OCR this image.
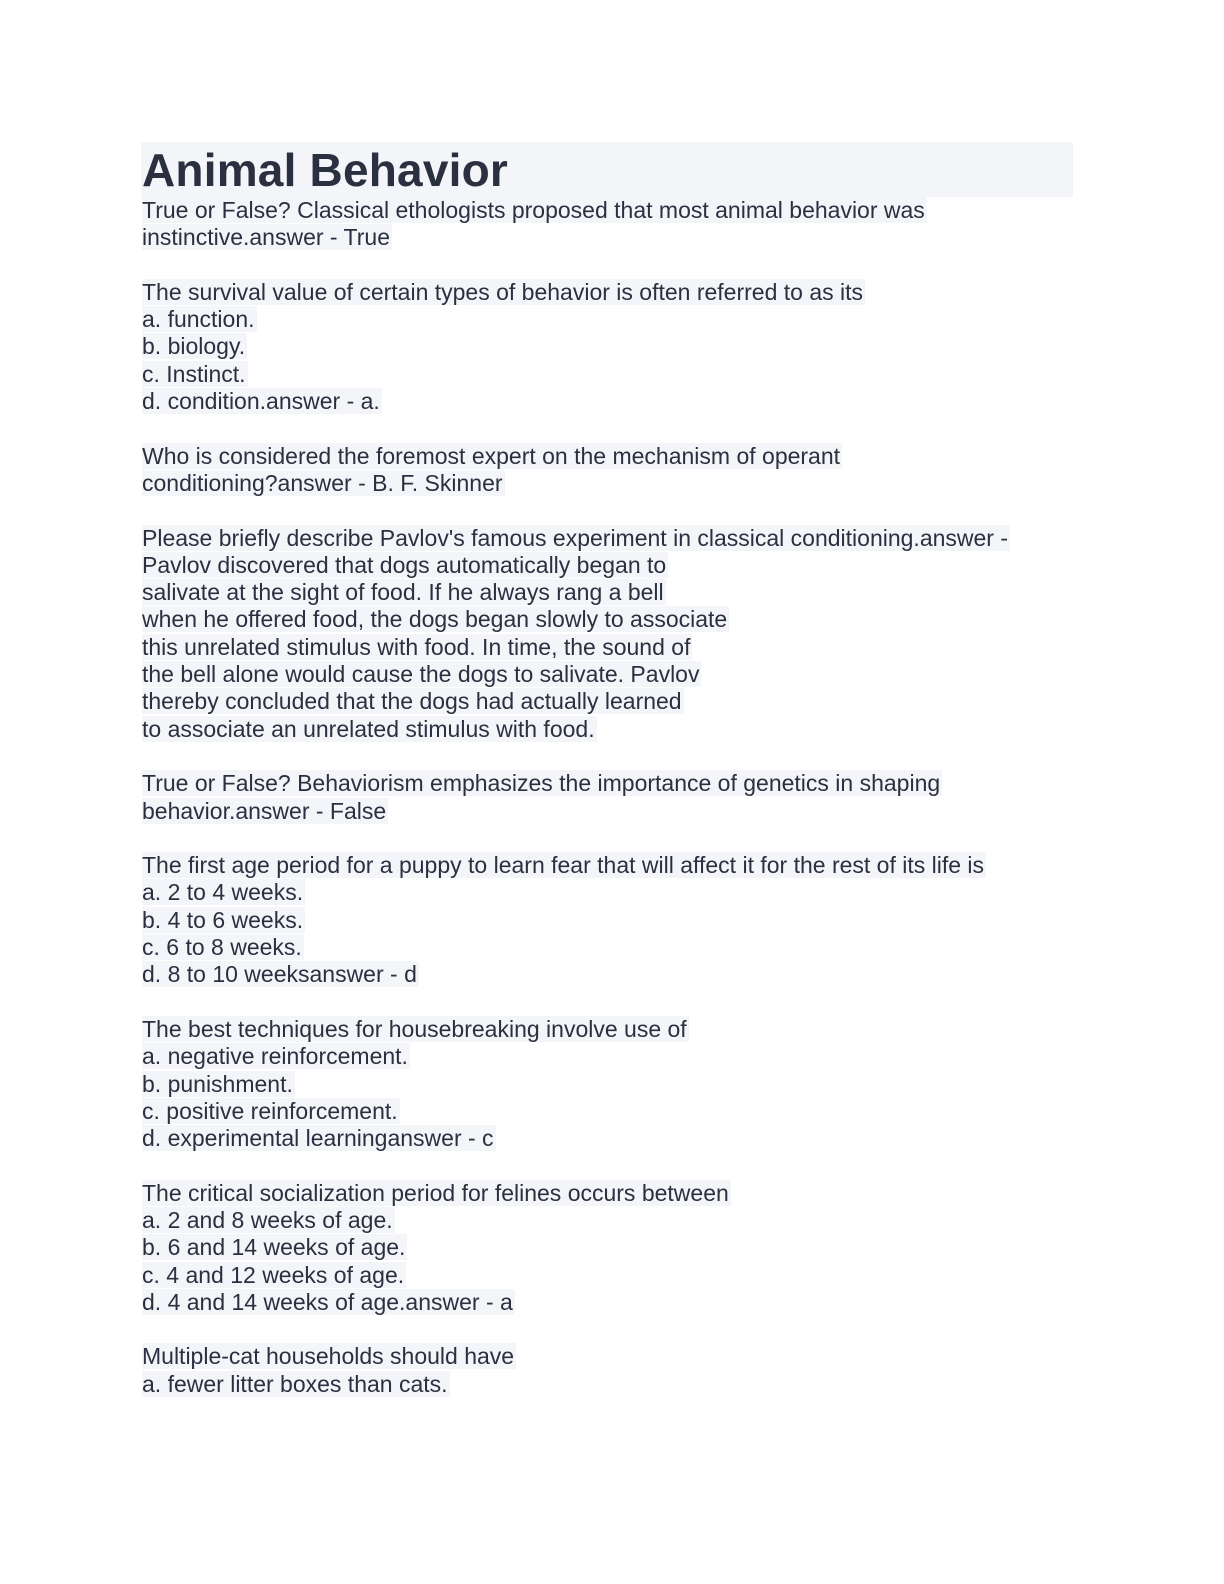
Animal Behavior
True or False? Classical ethologists proposed that most animal behavior was
instinctive.answer - True
The survival value of certain types of behavior is often referred to as its
a. function.
b. biology.
c. Instinct.
d. condition.answer - a.
Who is considered the foremost expert on the mechanism of operant
conditioning?answer - B. F. Skinner
Please briefly describe Pavlov's famous experiment in classical conditioning.answer -
Pavlov discovered that dogs automatically began to
salivate at the sight of food. If he always rang a bell
when he offered food, the dogs began slowly to associate
this unrelated stimulus with food. In time, the sound of
the bell alone would cause the dogs to salivate. Pavlov
thereby concluded that the dogs had actually learned
to associate an unrelated stimulus with food.
True or False? Behaviorism emphasizes the importance of genetics in shaping
behavior.answer - False
The first age period for a puppy to learn fear that will affect it for the rest of its life is
a. 2 to 4 weeks.
b. 4 to 6 weeks.
c. 6 to 8 weeks.
d. 8 to 10 weeksanswer - d
The best techniques for housebreaking involve use of
a. negative reinforcement.
b. punishment.
c. positive reinforcement.
d. experimental learninganswer - c
The critical socialization period for felines occurs between
a. 2 and 8 weeks of age.
b. 6 and 14 weeks of age.
c. 4 and 12 weeks of age.
d. 4 and 14 weeks of age.answer - a
Multiple-cat households should have
a. fewer litter boxes than cats.
